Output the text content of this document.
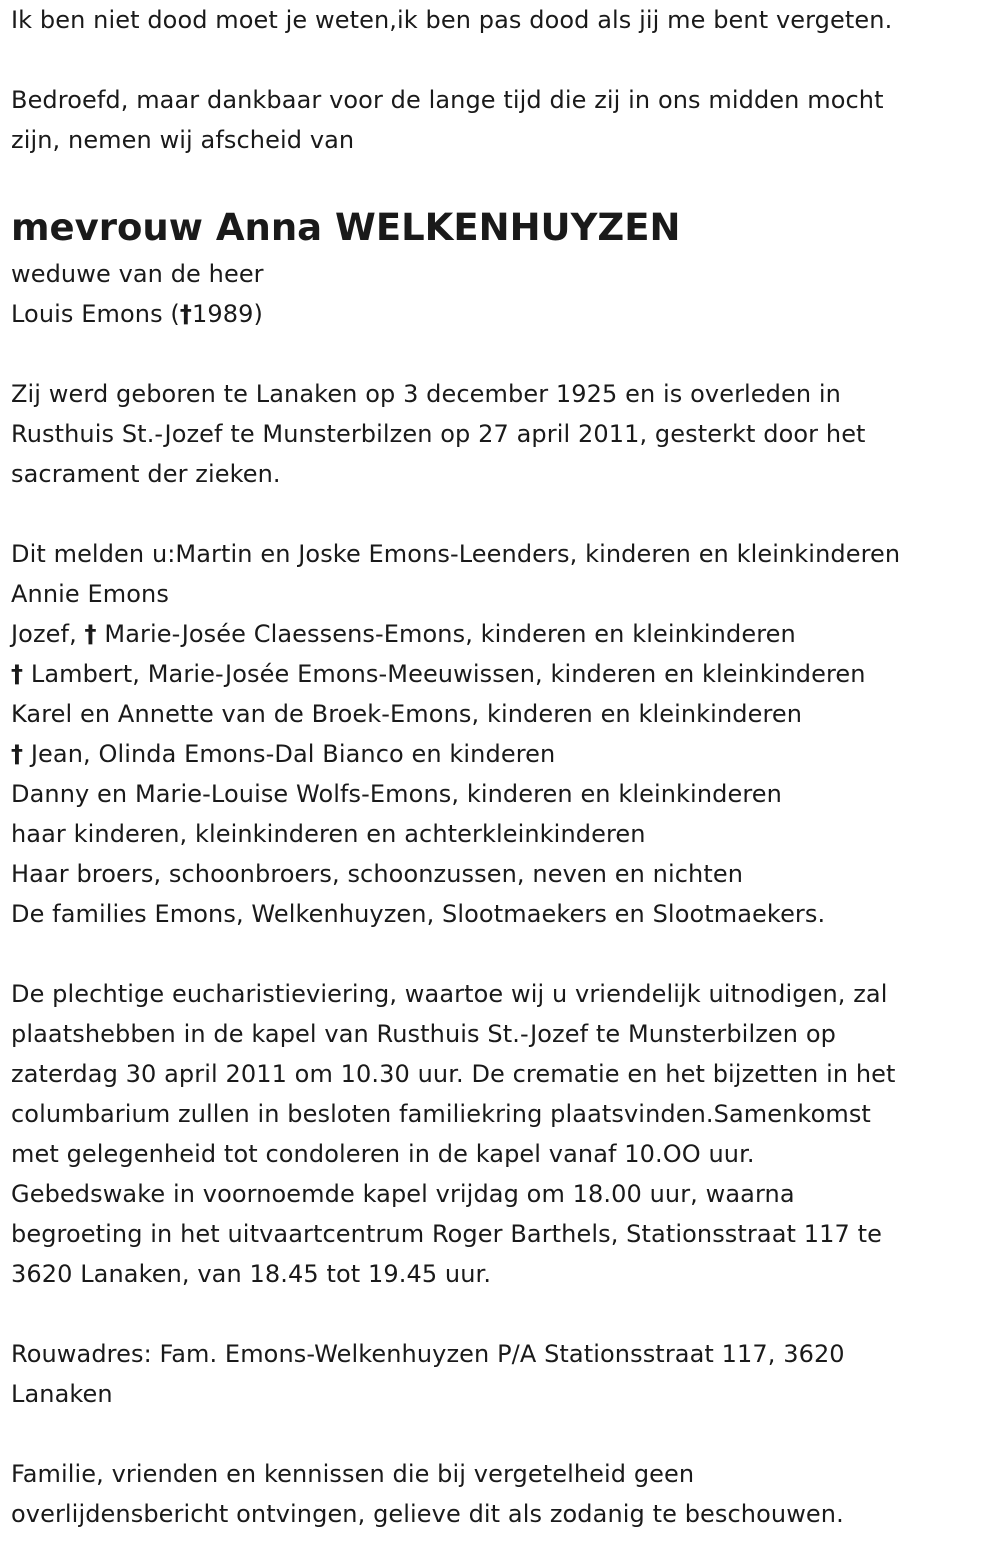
Ik ben niet dood moet je weten,ik ben pas dood als jij me bent vergeten.
Bedroefd, maar dankbaar voor de lange tijd die zij in ons midden mocht
zijn, nemen wij afscheid van
mevrouw Anna WELKENHUYZEN
weduwe van de heer
Louis Emons (†1989)
Zij werd geboren te Lanaken op 3 december 1925 en is overleden in
Rusthuis St.-Jozef te Munsterbilzen op 27 april 2011, gesterkt door het
sacrament der zieken.
Dit melden u:Martin en Joske Emons-Leenders, kinderen en kleinkinderen
Annie Emons
Jozef, † Marie-Josée Claessens-Emons, kinderen en kleinkinderen
† Lambert, Marie-Josée Emons-Meeuwissen, kinderen en kleinkinderen
Karel en Annette van de Broek-Emons, kinderen en kleinkinderen
† Jean, Olinda Emons-Dal Bianco en kinderen
Danny en Marie-Louise Wolfs-Emons, kinderen en kleinkinderen
haar kinderen, kleinkinderen en achterkleinkinderen
Haar broers, schoonbroers, schoonzussen, neven en nichten
De families Emons, Welkenhuyzen, Slootmaekers en Slootmaekers.
De plechtige eucharistieviering, waartoe wij u vriendelijk uitnodigen, zal
plaatshebben in de kapel van Rusthuis St.-Jozef te Munsterbilzen op
zaterdag 30 april 2011 om 10.30 uur. De crematie en het bijzetten in het
columbarium zullen in besloten familiekring plaatsvinden.Samenkomst
met gelegenheid tot condoleren in de kapel vanaf 10.OO uur.
Gebedswake in voornoemde kapel vrijdag om 18.00 uur, waarna
begroeting in het uitvaartcentrum Roger Barthels, Stationsstraat 117 te
3620 Lanaken, van 18.45 tot 19.45 uur.
Rouwadres: Fam. Emons-Welkenhuyzen P/A Stationsstraat 117, 3620
Lanaken
Familie, vrienden en kennissen die bij vergetelheid geen
overlijdensbericht ontvingen, gelieve dit als zodanig te beschouwen.
